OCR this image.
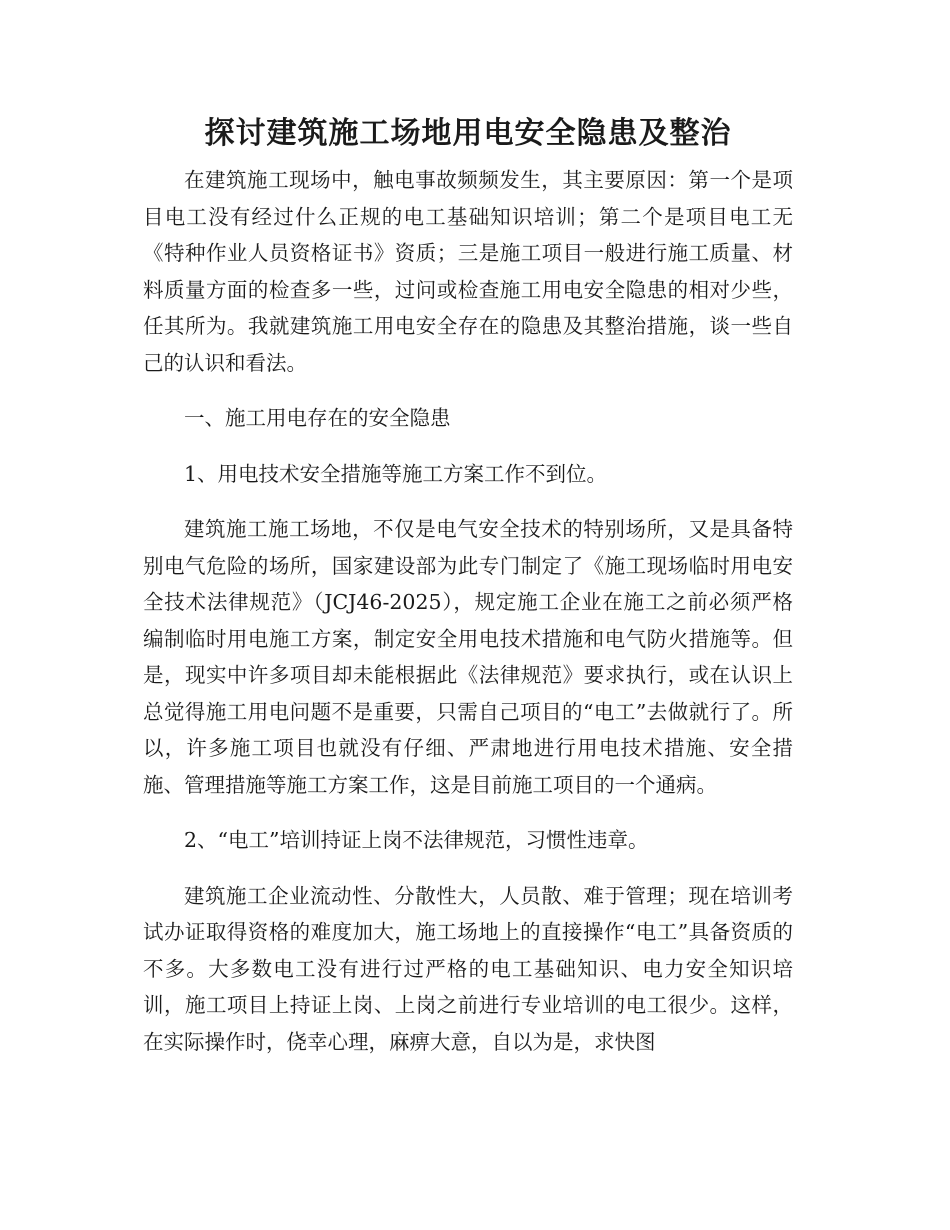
探讨建筑施工场地用电安全隐患及整治

在建筑施工现场中，触电事故频频发生，其主要原因：第一个是项目电工没有经过什么正规的电工基础知识培训；第二个是项目电工无《特种作业人员资格证书》资质；三是施工项目一般进行施工质量、材料质量方面的检查多一些，过问或检查施工用电安全隐患的相对少些，任其所为。我就建筑施工用电安全存在的隐患及其整治措施，谈一些自己的认识和看法。

一、施工用电存在的安全隐患

1、用电技术安全措施等施工方案工作不到位。

建筑施工施工场地，不仅是电气安全技术的特别场所，又是具备特别电气危险的场所，国家建设部为此专门制定了《施工现场临时用电安全技术法律规范》（JCJ46-2025），规定施工企业在施工之前必须严格编制临时用电施工方案，制定安全用电技术措施和电气防火措施等。但是，现实中许多项目却未能根据此《法律规范》要求执行，或在认识上总觉得施工用电问题不是重要，只需自己项目的“电工”去做就行了。所以，许多施工项目也就没有仔细、严肃地进行用电技术措施、安全措施、管理措施等施工方案工作，这是目前施工项目的一个通病。

2、“电工”培训持证上岗不法律规范，习惯性违章。

建筑施工企业流动性、分散性大，人员散、难于管理；现在培训考试办证取得资格的难度加大，施工场地上的直接操作“电工”具备资质的不多。大多数电工没有进行过严格的电工基础知识、电力安全知识培训，施工项目上持证上岗、上岗之前进行专业培训的电工很少。这样，在实际操作时，侥幸心理，麻痹大意，自以为是，求快图
